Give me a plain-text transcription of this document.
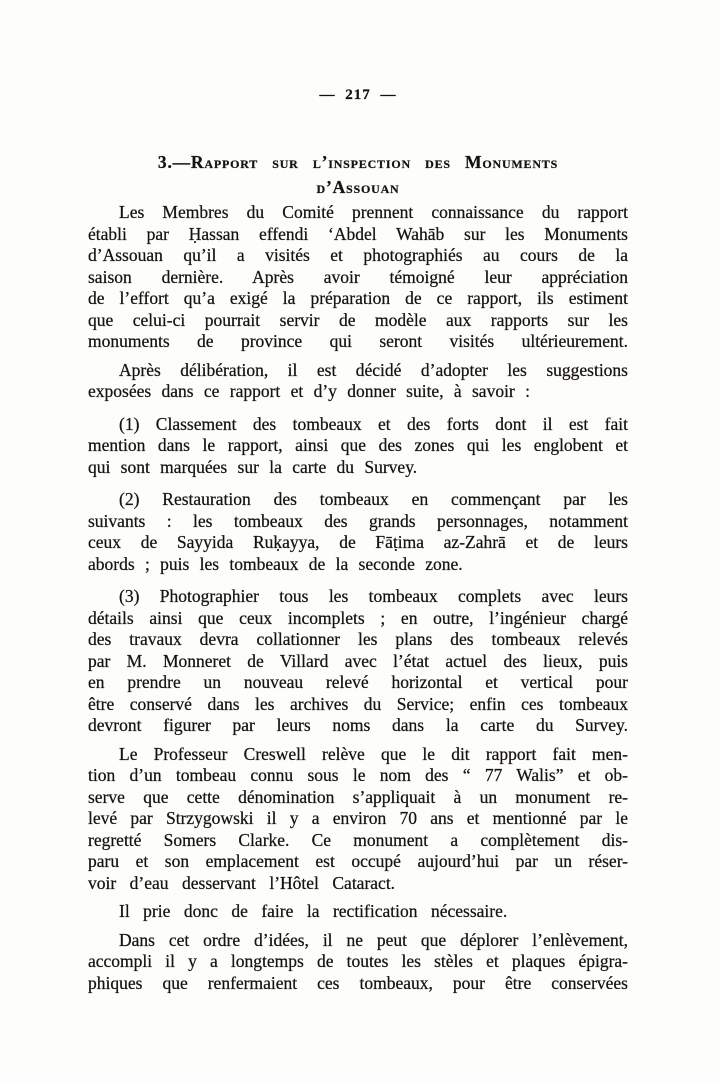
— 217 —
3.—Rapport sur l’inspection des Monuments
d’Assouan
Les Membres du Comité prennent connaissance du rapport
établi par Ḥassan effendi ʻAbdel Wahāb sur les Monuments
d’Assouan qu’il a visités et photographiés au cours de la
saison dernière. Après avoir témoigné leur appréciation
de l’effort qu’a exigé la préparation de ce rapport, ils estiment
que celui-ci pourrait servir de modèle aux rapports sur les
monuments de province qui seront visités ultérieurement.
Après délibération, il est décidé d’adopter les suggestions
exposées dans ce rapport et d’y donner suite, à savoir :
(1) Classement des tombeaux et des forts dont il est fait
mention dans le rapport, ainsi que des zones qui les englobent et
qui sont marquées sur la carte du Survey.
(2) Restauration des tombeaux en commençant par les
suivants : les tombeaux des grands personnages, notamment
ceux de Sayyida Ruḳayya, de Fāṭima az-Zahrā et de leurs
abords ; puis les tombeaux de la seconde zone.
(3) Photographier tous les tombeaux complets avec leurs
détails ainsi que ceux incomplets ; en outre, l’ingénieur chargé
des travaux devra collationner les plans des tombeaux relevés
par M. Monneret de Villard avec l’état actuel des lieux, puis
en prendre un nouveau relevé horizontal et vertical pour
être conservé dans les archives du Service; enfin ces tombeaux
devront figurer par leurs noms dans la carte du Survey.
Le Professeur Creswell relève que le dit rapport fait men-
tion d’un tombeau connu sous le nom des “ 77 Walis” et ob-
serve que cette dénomination s’appliquait à un monument re-
levé par Strzygowski il y a environ 70 ans et mentionné par le
regretté Somers Clarke. Ce monument a complètement dis-
paru et son emplacement est occupé aujourd’hui par un réser-
voir d’eau desservant l’Hôtel Cataract.
Il prie donc de faire la rectification nécessaire.
Dans cet ordre d’idées, il ne peut que déplorer l’enlèvement,
accompli il y a longtemps de toutes les stèles et plaques épigra-
phiques que renfermaient ces tombeaux, pour être conservées
